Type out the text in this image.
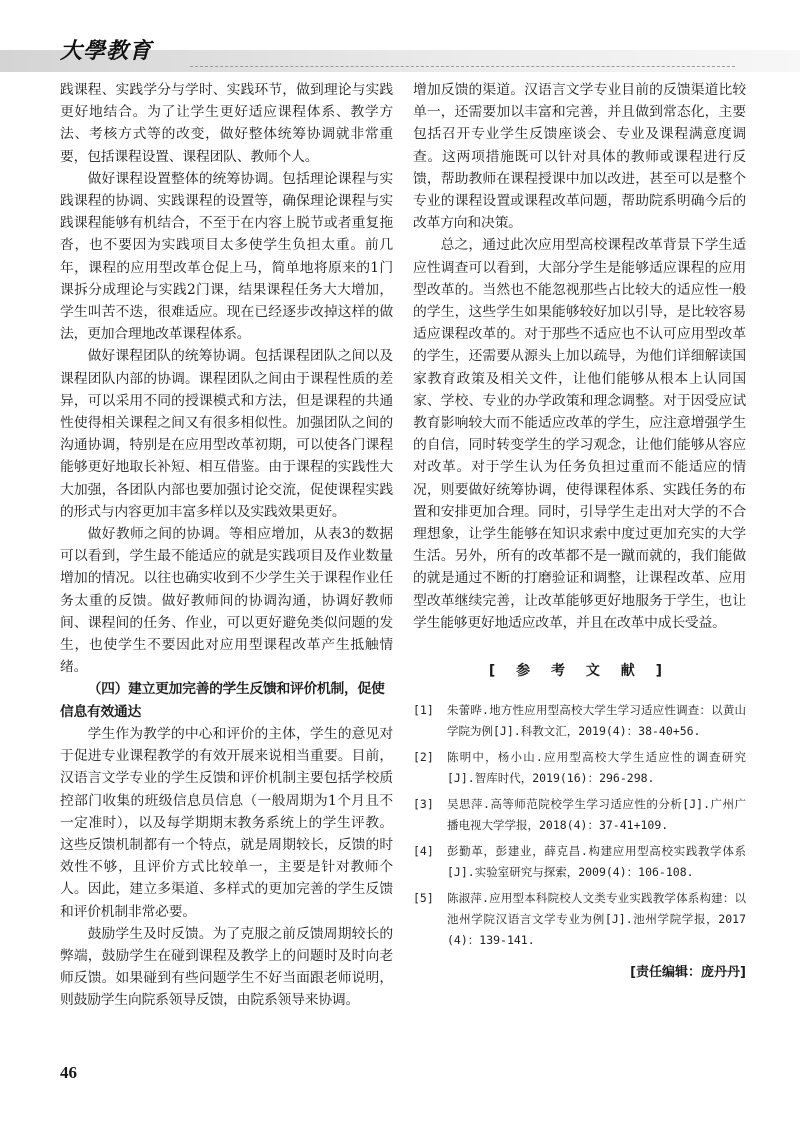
大學教育

践课程、实践学分与学时、实践环节，做到理论与实践更好地结合。为了让学生更好适应课程体系、教学方法、考核方式等的改变，做好整体统筹协调就非常重要，包括课程设置、课程团队、教师个人。

做好课程设置整体的统筹协调。包括理论课程与实践课程的协调、实践课程的设置等，确保理论课程与实践课程能够有机结合，不至于在内容上脱节或者重复拖沓，也不要因为实践项目太多使学生负担太重。前几年，课程的应用型改革仓促上马，简单地将原来的1门课拆分成理论与实践2门课，结果课程任务大大增加，学生叫苦不迭，很难适应。现在已经逐步改掉这样的做法，更加合理地改革课程体系。

做好课程团队的统筹协调。包括课程团队之间以及课程团队内部的协调。课程团队之间由于课程性质的差异，可以采用不同的授课模式和方法，但是课程的共通性使得相关课程之间又有很多相似性。加强团队之间的沟通协调，特别是在应用型改革初期，可以使各门课程能够更好地取长补短、相互借鉴。由于课程的实践性大大加强，各团队内部也要加强讨论交流，促使课程实践的形式与内容更加丰富多样以及实践效果更好。

做好教师之间的协调。等相应增加，从表3的数据可以看到，学生最不能适应的就是实践项目及作业数量增加的情况。以往也确实收到不少学生关于课程作业任务太重的反馈。做好教师间的协调沟通，协调好教师间、课程间的任务、作业，可以更好避免类似问题的发生，也使学生不要因此对应用型课程改革产生抵触情绪。

（四）建立更加完善的学生反馈和评价机制，促使信息有效通达

学生作为教学的中心和评价的主体，学生的意见对于促进专业课程教学的有效开展来说相当重要。目前，汉语言文学专业的学生反馈和评价机制主要包括学校质控部门收集的班级信息员信息（一般周期为1个月且不一定准时），以及每学期期末教务系统上的学生评教。这些反馈机制都有一个特点，就是周期较长，反馈的时效性不够，且评价方式比较单一，主要是针对教师个人。因此，建立多渠道、多样式的更加完善的学生反馈和评价机制非常必要。

鼓励学生及时反馈。为了克服之前反馈周期较长的弊端，鼓励学生在碰到课程及教学上的问题时及时向老师反馈。如果碰到有些问题学生不好当面跟老师说明，则鼓励学生向院系领导反馈，由院系领导来协调。

增加反馈的渠道。汉语言文学专业目前的反馈渠道比较单一，还需要加以丰富和完善，并且做到常态化，主要包括召开专业学生反馈座谈会、专业及课程满意度调查。这两项措施既可以针对具体的教师或课程进行反馈，帮助教师在课程授课中加以改进，甚至可以是整个专业的课程设置或课程改革问题，帮助院系明确今后的改革方向和决策。

总之，通过此次应用型高校课程改革背景下学生适应性调查可以看到，大部分学生是能够适应课程的应用型改革的。当然也不能忽视那些占比较大的适应性一般的学生，这些学生如果能够较好加以引导，是比较容易适应课程改革的。对于那些不适应也不认可应用型改革的学生，还需要从源头上加以疏导，为他们详细解读国家教育政策及相关文件，让他们能够从根本上认同国家、学校、专业的办学政策和理念调整。对于因受应试教育影响较大而不能适应改革的学生，应注意增强学生的自信，同时转变学生的学习观念，让他们能够从容应对改革。对于学生认为任务负担过重而不能适应的情况，则要做好统筹协调，使得课程体系、实践任务的布置和安排更加合理。同时，引导学生走出对大学的不合理想象，让学生能够在知识求索中度过更加充实的大学生活。另外，所有的改革都不是一蹴而就的，我们能做的就是通过不断的打磨验证和调整，让课程改革、应用型改革继续完善，让改革能够更好地服务于学生，也让学生能够更好地适应改革，并且在改革中成长受益。

[ 参 考 文 献 ]
[1]	朱蕾晔.地方性应用型高校大学生学习适应性调查：以黄山学院为例[J].科教文汇，2019(4)：38-40+56.
[2]	陈明中，杨小山.应用型高校大学生适应性的调查研究[J].智库时代，2019(16)：296-298.
[3]	吴思萍.高等师范院校学生学习适应性的分析[J].广州广播电视大学学报，2018(4)：37-41+109.
[4]	彭勤革，彭建业，薛克昌.构建应用型高校实践教学体系[J].实验室研究与探索，2009(4)：106-108.
[5]	陈淑萍.应用型本科院校人文类专业实践教学体系构建：以池州学院汉语言文学专业为例[J].池州学院学报，2017(4)：139-141.
[责任编辑：庞丹丹]
46
